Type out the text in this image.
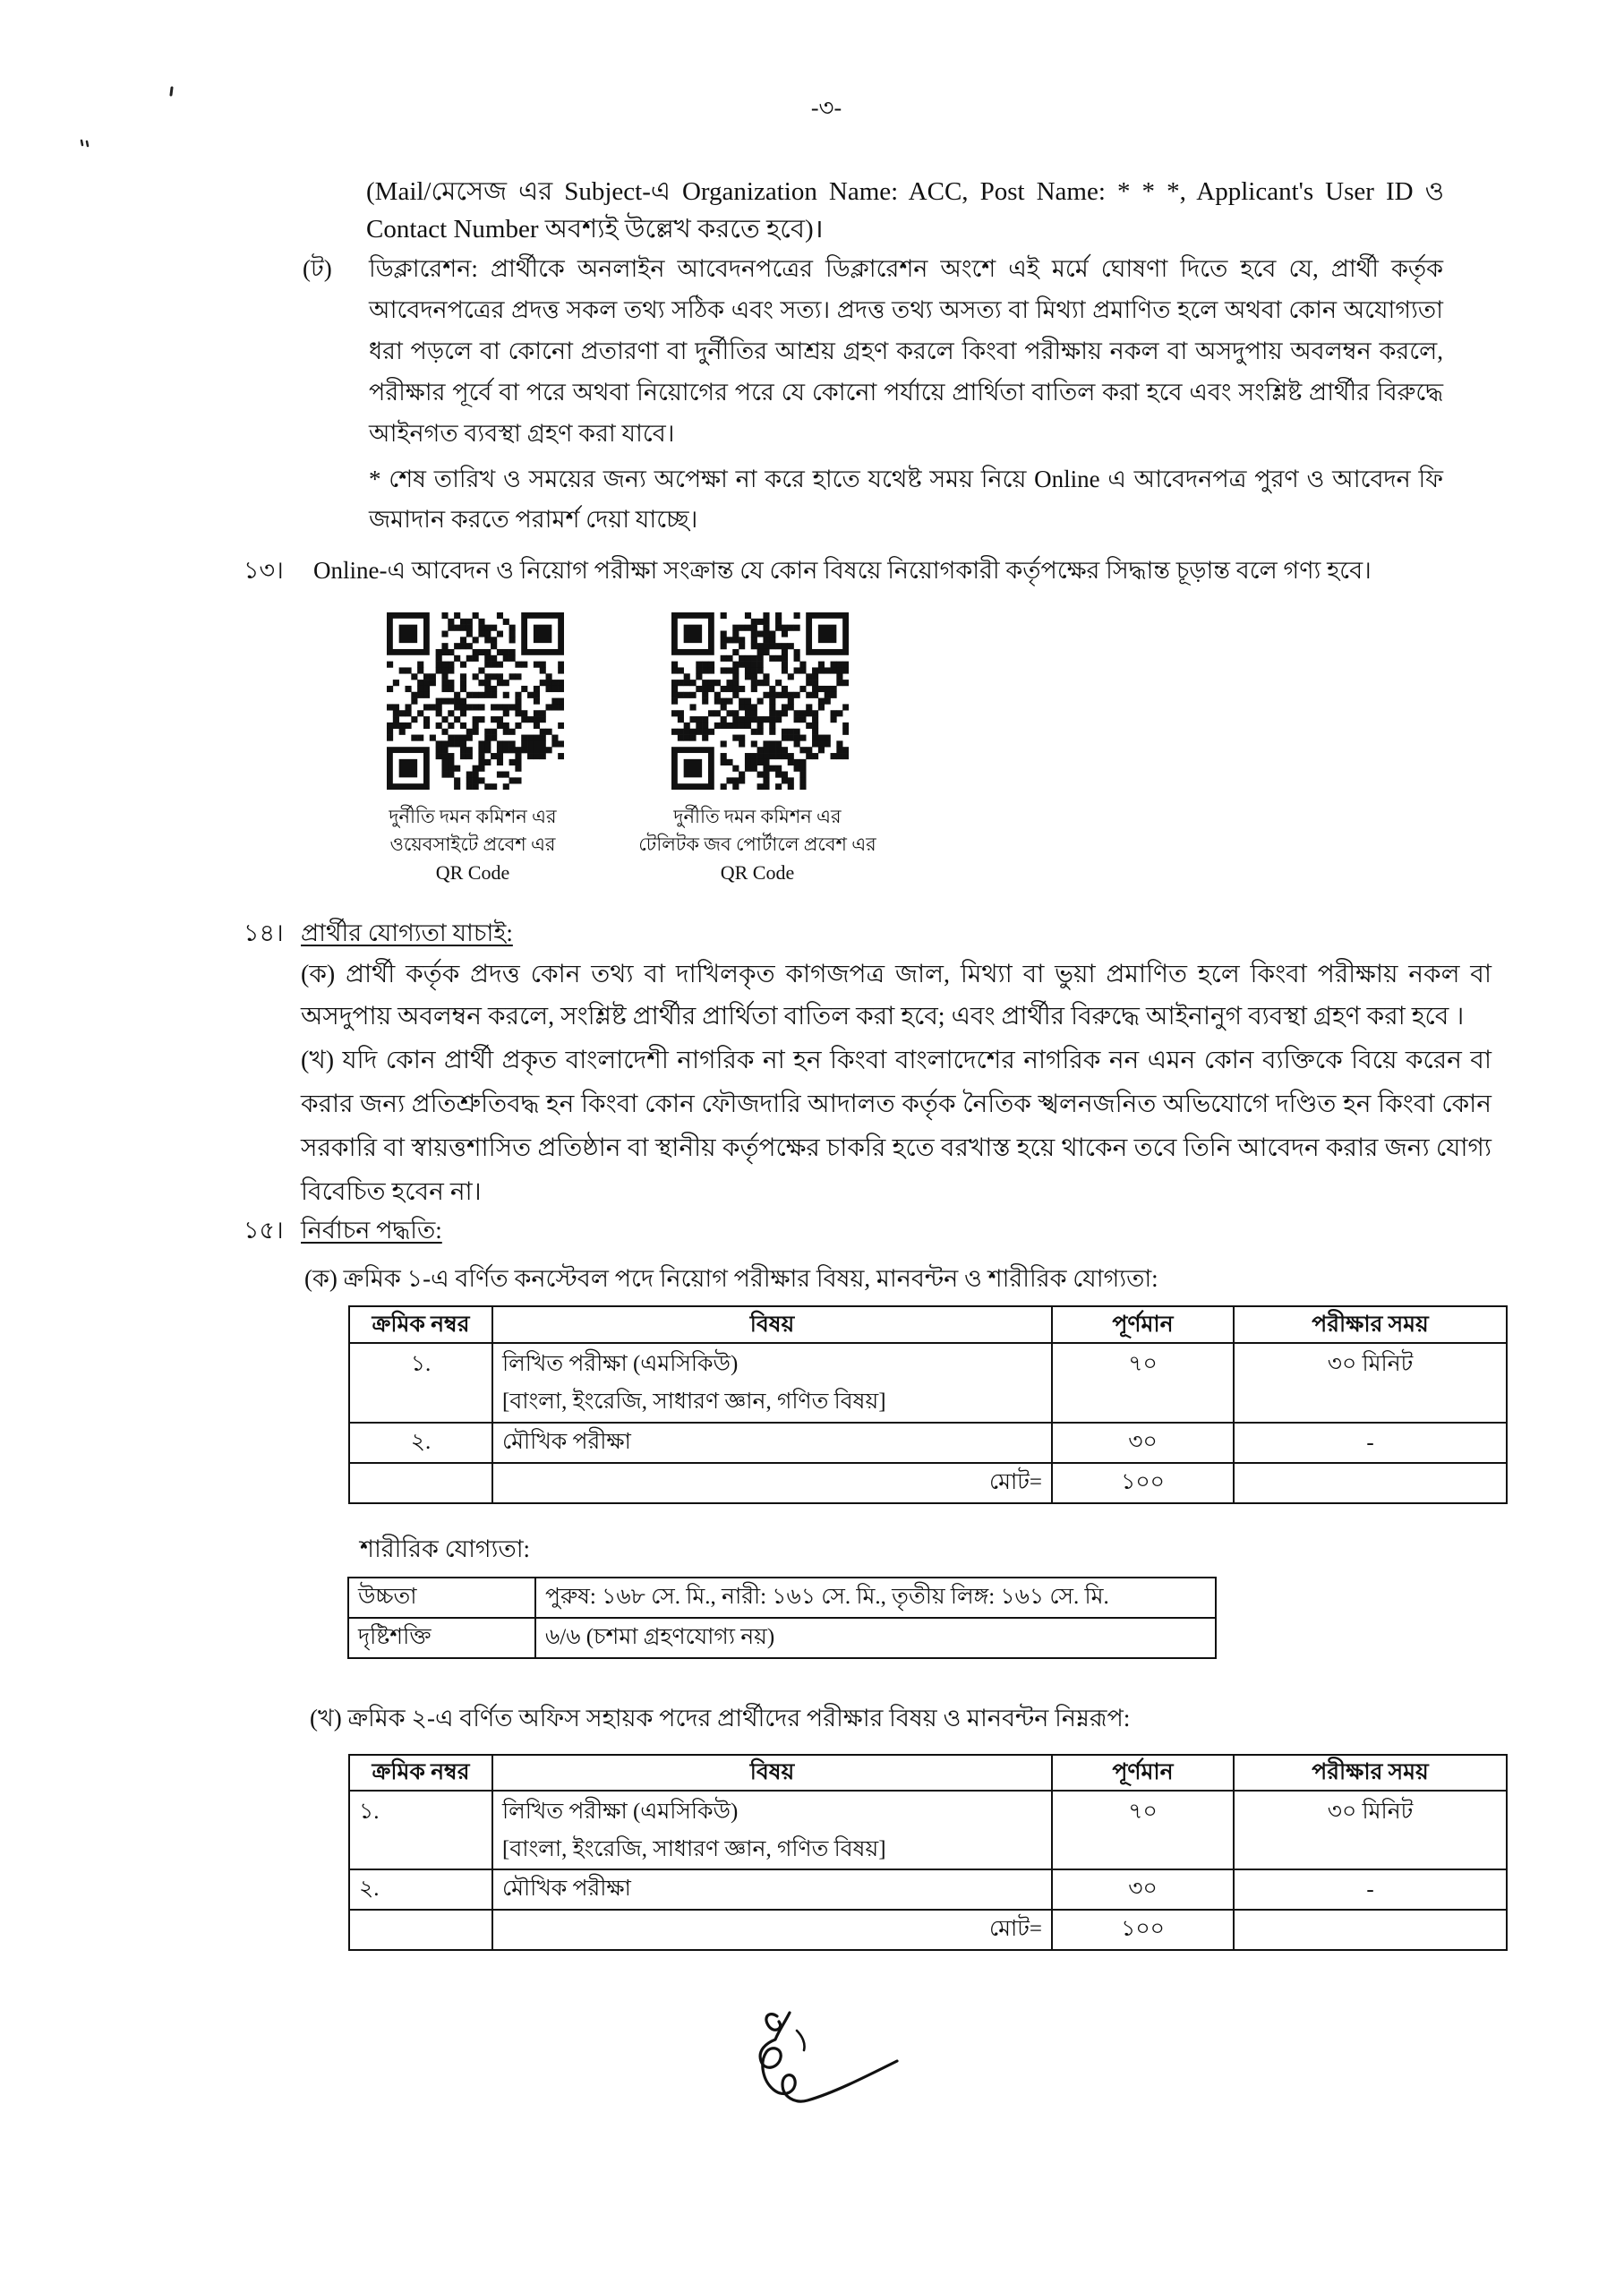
-৩-

(Mail/মেসেজ এর Subject-এ Organization Name: ACC, Post Name: * * *, Applicant's User ID ও Contact Number অবশ্যই উল্লেখ করতে হবে)।

(ট)	ডিক্লারেশন: প্রার্থীকে অনলাইন আবেদনপত্রের ডিক্লারেশন অংশে এই মর্মে ঘোষণা দিতে হবে যে, প্রার্থী কর্তৃক আবেদনপত্রের প্রদত্ত সকল তথ্য সঠিক এবং সত্য। প্রদত্ত তথ্য অসত্য বা মিথ্যা প্রমাণিত হলে অথবা কোন অযোগ্যতা ধরা পড়লে বা কোনো প্রতারণা বা দুর্নীতির আশ্রয় গ্রহণ করলে কিংবা পরীক্ষায় নকল বা অসদুপায় অবলম্বন করলে, পরীক্ষার পূর্বে বা পরে অথবা নিয়োগের পরে যে কোনো পর্যায়ে প্রার্থিতা বাতিল করা হবে এবং সংশ্লিষ্ট প্রার্থীর বিরুদ্ধে আইনগত ব্যবস্থা গ্রহণ করা যাবে।

* শেষ তারিখ ও সময়ের জন্য অপেক্ষা না করে হাতে যথেষ্ট সময় নিয়ে Online এ আবেদনপত্র পুরণ ও আবেদন ফি জমাদান করতে পরামর্শ দেয়া যাচ্ছে।

১৩।	Online-এ আবেদন ও নিয়োগ পরীক্ষা সংক্রান্ত যে কোন বিষয়ে নিয়োগকারী কর্তৃপক্ষের সিদ্ধান্ত চূড়ান্ত বলে গণ্য হবে।

দুর্নীতি দমন কমিশন এর
ওয়েবসাইটে প্রবেশ এর
QR Code
দুর্নীতি দমন কমিশন এর
টেলিটক জব পোর্টালে প্রবেশ এর
QR Code
১৪। প্রার্থীর যোগ্যতা যাচাই:

(ক) প্রার্থী কর্তৃক প্রদত্ত কোন তথ্য বা দাখিলকৃত কাগজপত্র জাল, মিথ্যা বা ভুয়া প্রমাণিত হলে কিংবা পরীক্ষায় নকল বা অসদুপায় অবলম্বন করলে, সংশ্লিষ্ট প্রার্থীর প্রার্থিতা বাতিল করা হবে; এবং প্রার্থীর বিরুদ্ধে আইনানুগ ব্যবস্থা গ্রহণ করা হবে ।

(খ) যদি কোন প্রার্থী প্রকৃত বাংলাদেশী নাগরিক না হন কিংবা বাংলাদেশের নাগরিক নন এমন কোন ব্যক্তিকে বিয়ে করেন বা করার জন্য প্রতিশ্রুতিবদ্ধ হন কিংবা কোন ফৌজদারি আদালত কর্তৃক নৈতিক স্খলনজনিত অভিযোগে দণ্ডিত হন কিংবা কোন সরকারি বা স্বায়ত্তশাসিত প্রতিষ্ঠান বা স্থানীয় কর্তৃপক্ষের চাকরি হতে বরখাস্ত হয়ে থাকেন তবে তিনি আবেদন করার জন্য যোগ্য বিবেচিত হবেন না।

১৫। নির্বাচন পদ্ধতি:

(ক) ক্রমিক ১-এ বর্ণিত কনস্টেবল পদে নিয়োগ পরীক্ষার বিষয়, মানবন্টন ও শারীরিক যোগ্যতা:

ক্রমিক নম্বর	বিষয়	পূর্ণমান	পরীক্ষার সময়
১.	লিখিত পরীক্ষা (এমসিকিউ)
[বাংলা, ইংরেজি, সাধারণ জ্ঞান, গণিত বিষয়]	৭০	৩০ মিনিট
২.	মৌখিক পরীক্ষা	৩০	-
	মোট=	১০০	
শারীরিক যোগ্যতা:
উচ্চতা	পুরুষ: ১৬৮ সে. মি., নারী: ১৬১ সে. মি., তৃতীয় লিঙ্গ: ১৬১ সে. মি.
দৃষ্টিশক্তি	৬/৬ (চশমা গ্রহণযোগ্য নয়)

(খ) ক্রমিক ২-এ বর্ণিত অফিস সহায়ক পদের প্রার্থীদের পরীক্ষার বিষয় ও মানবন্টন নিম্নরূপ:

ক্রমিক নম্বর	বিষয়	পূর্ণমান	পরীক্ষার সময়
১.	লিখিত পরীক্ষা (এমসিকিউ)
[বাংলা, ইংরেজি, সাধারণ জ্ঞান, গণিত বিষয়]	৭০	৩০ মিনিট
২.	মৌখিক পরীক্ষা	৩০	-
	মোট=	১০০	
